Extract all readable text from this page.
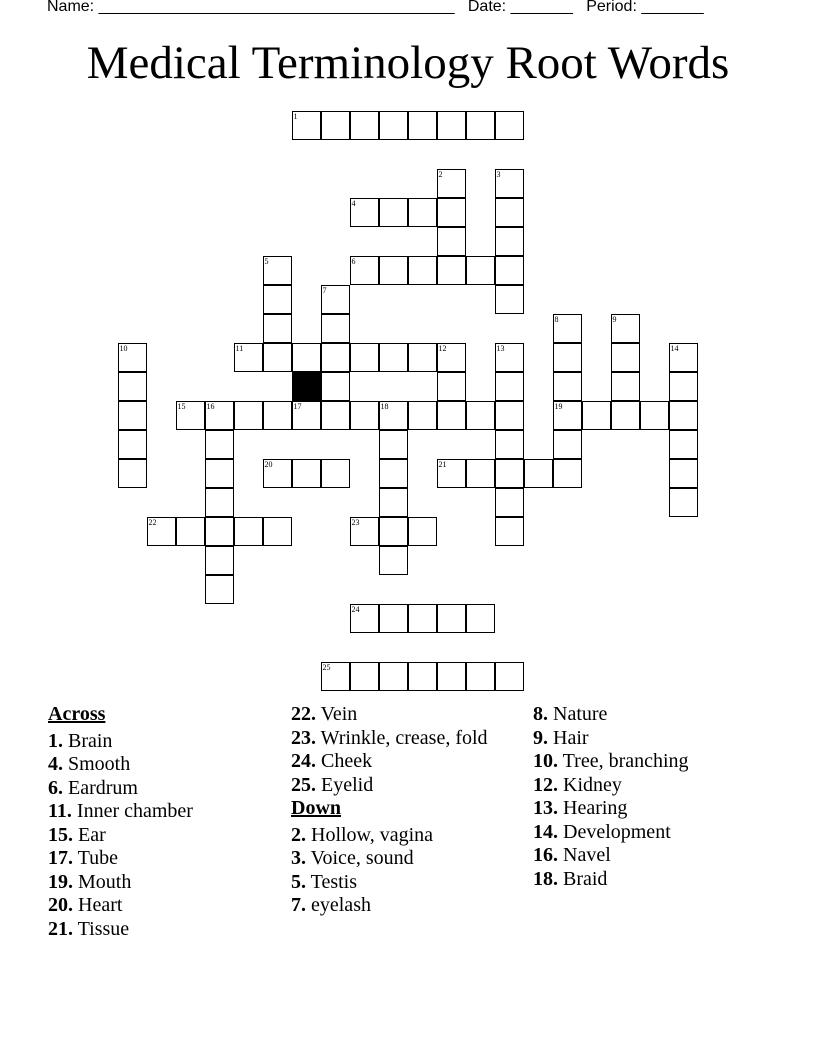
Name: ________________________________________ Date: _______ Period: _______
Medical Terminology Root Words
1
2	3
4
5	6
7
8
19
9
10	11	12	13	14
15	16	17	18
20	21
22	23
24
25
Across
1. Brain
4. Smooth
6. Eardrum
11. Inner chamber
15. Ear
17. Tube
19. Mouth
20. Heart
21. Tissue
22. Vein
23. Wrinkle, crease, fold
24. Cheek
25. Eyelid
Down
2. Hollow, vagina
3. Voice, sound
5. Testis
7. eyelash
8. Nature
9. Hair
10. Tree, branching
12. Kidney
13. Hearing
14. Development
16. Navel
18. Braid
